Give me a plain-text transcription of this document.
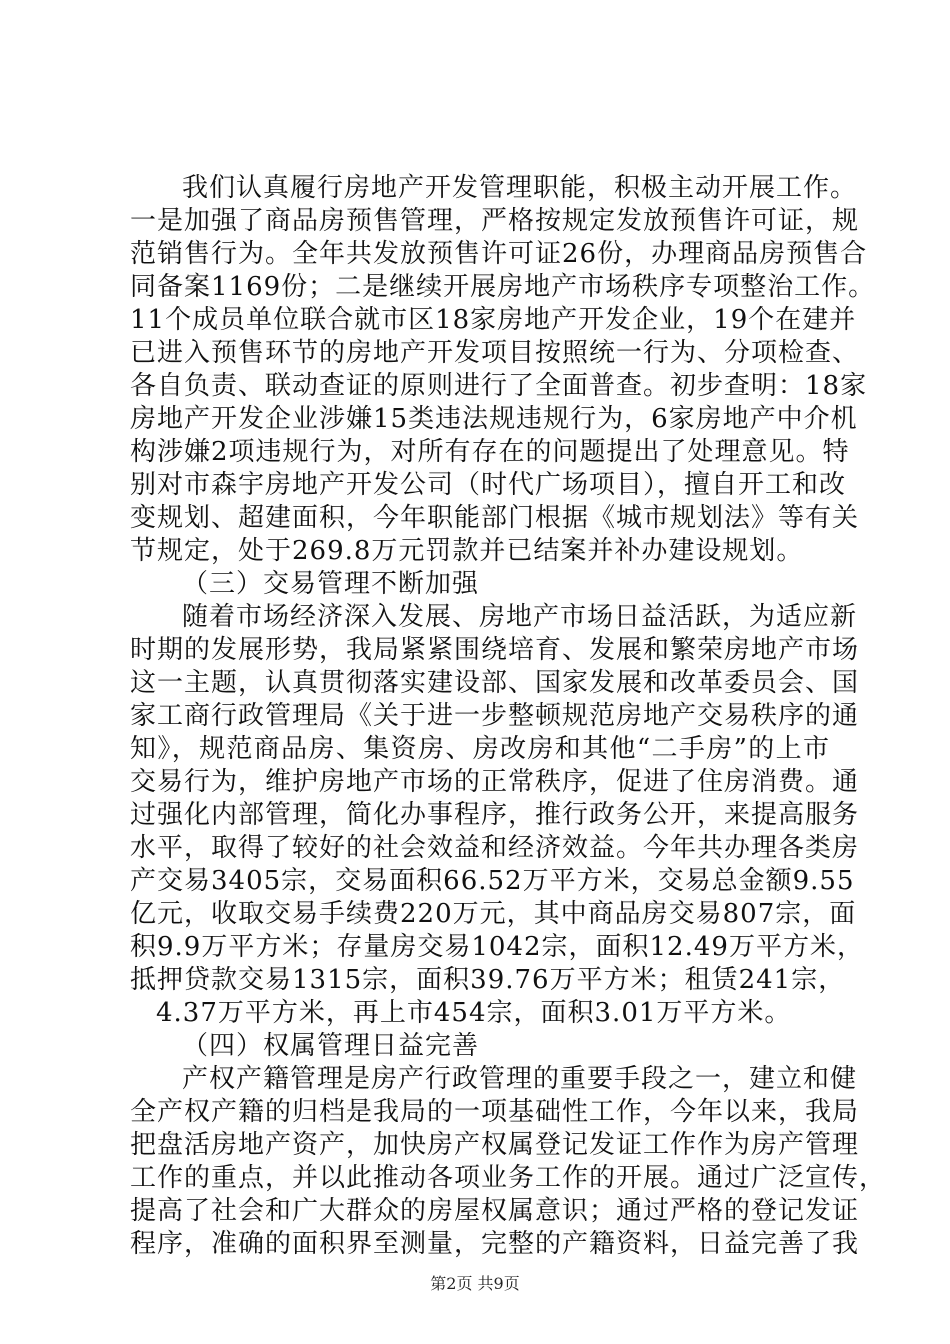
我们认真履行房地产开发管理职能，积极主动开展工作。
一是加强了商品房预售管理，严格按规定发放预售许可证，规
范销售行为。全年共发放预售许可证26份，办理商品房预售合
同备案1169份；二是继续开展房地产市场秩序专项整治工作。
11个成员单位联合就市区18家房地产开发企业，19个在建并
已进入预售环节的房地产开发项目按照统一行为、分项检查、
各自负责、联动查证的原则进行了全面普查。初步查明：18家
房地产开发企业涉嫌15类违法规违规行为，6家房地产中介机
构涉嫌2项违规行为，对所有存在的问题提出了处理意见。特
别对市森宇房地产开发公司（时代广场项目），擅自开工和改
变规划、超建面积，今年职能部门根据《城市规划法》等有关
节规定，处于269.8万元罚款并已结案并补办建设规划。
（三）交易管理不断加强
随着市场经济深入发展、房地产市场日益活跃，为适应新
时期的发展形势，我局紧紧围绕培育、发展和繁荣房地产市场
这一主题，认真贯彻落实建设部、国家发展和改革委员会、国
家工商行政管理局《关于进一步整顿规范房地产交易秩序的通
知》，规范商品房、集资房、房改房和其他“二手房”的上市
交易行为，维护房地产市场的正常秩序，促进了住房消费。通
过强化内部管理，简化办事程序，推行政务公开，来提高服务
水平，取得了较好的社会效益和经济效益。今年共办理各类房
产交易3405宗，交易面积66.52万平方米，交易总金额9.55
亿元，收取交易手续费220万元，其中商品房交易807宗，面
积9.9万平方米；存量房交易1042宗，面积12.49万平方米，
抵押贷款交易1315宗，面积39.76万平方米；租赁241宗，
4.37万平方米，再上市454宗，面积3.01万平方米。
（四）权属管理日益完善
产权产籍管理是房产行政管理的重要手段之一，建立和健
全产权产籍的归档是我局的一项基础性工作，今年以来，我局
把盘活房地产资产，加快房产权属登记发证工作作为房产管理
工作的重点，并以此推动各项业务工作的开展。通过广泛宣传，
提高了社会和广大群众的房屋权属意识；通过严格的登记发证
程序，准确的面积界至测量，完整的产籍资料，日益完善了我
第2页 共9页
